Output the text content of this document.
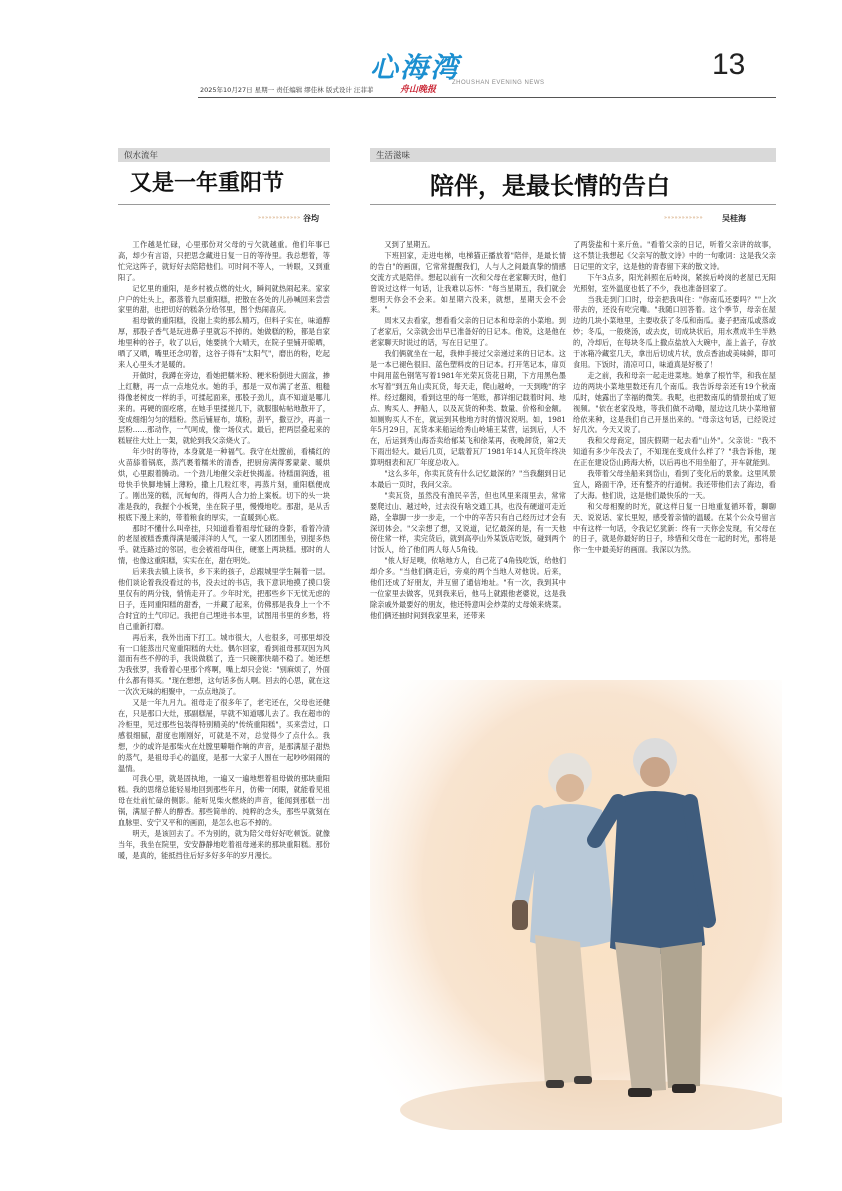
心海湾
ZHOUSHAN EVENING NEWS
13
2025年10月27日 星期一 责任编辑 缪佳林 版式设计 汪菲菲	舟山晚报
似水流年
又是一年重阳节
»»»»»»»»»»»» 谷均

工作越是忙碌，心里那份对父母的亏欠就越重。他们年事已高，却少有言语，只把思念藏进日复一日的等待里。我总想着，等忙完这阵子，就好好去陪陪他们。可时间不等人，一转眼，又到重阳了。

记忆里的重阳，是乡村被点燃的灶火，瞬间就热闹起来。家家户户的灶头上，都蒸着九层重阳糕，把散在各处的儿孙喊回来尝尝家里的甜，也把切好的糕条分给邻里，图个热闹喜庆。

祖母做的重阳糕，没谢上卖的那么精巧，但料子实在，味道醇厚，那股子香气是玩进鼻子里就忘不掉的。她做糕的粉，都是自家地里种的谷子，收了以后，她要挑个大晴天，在院子里铺开晾晒，晒了又晒，嘴里还念叨着，这谷子得有"太阳气"，磨出的粉，吃起来人心里头才是暖的。

开做时，我蹲在旁边，看她把糯米粉、粳米粉倒进大面盆，掺上红糖，再一点一点地兑水。她的手，那是一双布满了老茧、粗糙得像老树皮一样的手，可揉起面来，那股子劲儿，真不知道是哪儿来的。再硬的面疙瘩，在她手里揉搓几下，就服服帖帖地散开了，变成细细匀匀的糕粉。然后铺屉布，填粉，刮平，撒豆沙，再盖一层粉……那动作，一气呵成，像一场仪式。最后，把两层叠起来的糕屉往大灶上一架，就轮到我父亲烧火了。

年少时的等待，本身就是一种福气。我守在灶膛前，看橘红的火苗舔着锅底，蒸汽裹着糯米的清香，把厨房满得雾蒙蒙、暖烘烘，心里跟着腾动。一个劲儿地催父亲赶快揭盖。待糕面润透，祖母快手快脚地铺上薄粉，撒上几粒红枣，再蒸片刻，重阳糕便成了。刚出笼的糕，沉甸甸的，得两人合力抬上案板。切下的头一块准是我的，我握个小板凳，坐在院子里，慢慢地吃。那甜，是从舌根底下漫上来的，带着粮食的厚实，一直暖到心底。

那时不懂什么叫牵挂，只知道看着祖母忙碌的身影，看着冷清的老屋被糕香熏得满是暖洋洋的人气，一家人团团围坐，别提多热乎。就连路过的邻居，也会被祖母叫住，硬塞上两块糕。那时的人情，也像这重阳糕，实实在在，甜在明处。

后来我去镇上读书，乡下来的孩子，总跟城里学生隔着一层。他们谈论着我没看过的书，没去过的书店，我下意识地摸了摸口袋里仅有的两分钱，悄悄走开了。少年时光，把那些乡下无忧无虑的日子，连同重阳糕的甜香，一并藏了起来，仿佛那是我身上一个不合时宜的土气印记。我把自己埋进书本里，试图用书里的乡愁，将自己重新打磨。

再后来，我外出南下打工。城市很大，人也很多，可那里却没有一口能蒸出尺宽重阳糕的大灶。偶尔回家，看到祖母那双因为风湿而有些不停的手，我说做糕了，连一只碗都快端不稳了。她还想为我张罗，我看着心里那个疼啊，嘴上却只会说："别麻烦了，外面什么都有得买。"现在想想，这句话多伤人啊。回去的心思，就在这一次次无味的相聚中，一点点地淡了。

又是一年九月九。祖母走了很多年了，老宅还在，父母也还健在，只是那口大灶，那副糕屉，早就不知道哪儿去了。我在超市的冷柜里，见过那些包装得特别精美的"传统重阳糕"，买来尝过，口感很细腻，甜度也刚刚好，可就是不对，总觉得少了点什么。我想，少的或许是那柴火在灶膛里噼啪作响的声音，是那满屋子甜热的蒸气，是祖母手心的温度，是那一大家子人围在一起吵吵闹闹的温情。

可我心里，就是固执地，一遍又一遍地想着祖母做的那块重阳糕。我的思绪总能轻易地回到那些年月，仿佛一闭眼，就能看见祖母在灶前忙碌的侧影。能听见柴火燃烧的声音，能闻到那糕一出锅，满屋子醉人的醇香。那些简单的、纯粹的念头，那些早就刻在血脉里、安宁又平和的画面，是怎么也忘不掉的。

明天，是该回去了。不为别的，就为陪父母好好吃顿饭。就像当年，我坐在院里，安安静静地吃着祖母递来的那块重阳糕。那份暖，是真的，能抵挡住后好多好多年的岁月漫长。

生活滋味
陪伴，是最长情的告白
»»»»»»»»»»» 吴桂海

又到了星期五。

下班回家，走进电梯，电梯猫正播放着"陪伴，是最长情的告白"的画面，它常常提醒我们，人与人之间最真挚的情感交流方式是陪伴。想起以前有一次和父母在老家聊天时，他们曾说过这样一句话，让我难以忘怀："每当星期五，我们就会想明天你会不会来。如星期六没来，就想，星期天会不会来。"

周末又去看家，想看看父亲的日记本和母亲的小菜地。到了老家后，父亲就会出早已准备好的日记本。他说，这是他在老家聊天时说过的话，写在日记里了。

我们俩就坐在一起，我伸手接过父亲递过来的日记本。这是一本已褪色很旧、蓝色塑料皮的日记本。打开笔记本，扉页中间用蓝色钢笔写着1981年光荣瓦货花日期，下方用黑色墨水写着"到五角山卖瓦货，每天走，爬山越岭，一天到晚"的字样。经过翻阅，看到这里的每一笔账，都详细记载着时间、地点、购买人、押船人，以及瓦货的种类、数量、价格和金额。如厕购买人不在，就运到其他地方时的情况说明。如，1981年5月29日，瓦货本来船运给秀山岭埔王某营，运到后，人不在，后运到秀山海岙卖给郁某飞和徐某再，夜晚卸货，第2天下雨出轻大。最后几页，记载着瓦厂1981年14人瓦货年终决算明细表和瓦厂年度总收入。

"这么多年，你卖瓦货有什么记忆最深的？"当我翻到日记本最后一页时，我问父亲。

"卖瓦货，虽然没有渔民辛苦，但也风里来雨里去，常常要爬过山、越过岭，过去没有啥交通工具，也没有硬道可走近路，全靠脚一步一步走，一个中的辛苦只有自己经历过才会有深切体会。"父亲想了想，又说道，记忆最深的是，有一天他傍住常一样，卖完货后，就到高亭山外某饭店吃饭，碰到两个讨饭人，给了他们两人每人5角钱。

"侬人好足噢，依啥地方人，自己花了4角钱吃饭，给他们却介多。"当他们俩走后，旁桌的两个当地人对他说。后来，他们还成了好朋友，并互留了通信地址。"有一次，我到其中一位家里去做客，见到我来后，他马上就跟他老婆说，这是我除亲戚外最要好的朋友，他还特意叫会炒菜的丈母娘来烧菜。他们俩还抽时间到我家里来，还带来

了两袋盐和十来斤鱼。"看着父亲的日记，听着父亲讲的故事，这不禁让我想起《父亲写的散文诗》中的一句歌词：这是我父亲日记里的文字，这是他的青春留下来的散文诗。

下午3点多，阳光斜照在后岭岗，紧挨后岭岗的老屋已无阳光照射，室外温度也低了不少，我也准备回家了。

当我走到门口时，母亲把我叫住："你南瓜还要吗？""上次带去的，还没有吃完嘞。"我随口回答着。这个季节，母亲在屋边的几块小菜地里，主要收获了冬瓜和南瓜。妻子把南瓜或蒸或炒；冬瓜，一般烧汤，或去皮，切成块状后，用水煮成半生半熟的，冷却后，在每块冬瓜上撒点盐放入大碗中，盖上盖子，存放于冰箱冷藏室几天，拿出后切成片状，放点香油或美味鲜，即可食用。下饭时，清凉可口，味道真是好极了！

走之前，我和母亲一起走进菜地。她拿了根竹竿，和我在屋边的两块小菜地里数还有几个南瓜。我告诉母亲还有19个秋南瓜时，她露出了幸福的微笑。我呢，也把数南瓜的情景拍成了短视频。"依在老家没地，等我们做不动嘞，屋边这几块小菜地留给依来种，这是我们自己开垦出来的。"母亲这句话，已经说过好几次。今天又说了。

我和父母商定，国庆假期一起去看"山外"。父亲说："我不知道有多少年没去了，不知现在变成什么样了？"我告诉他，现在正在建设岱山跨海大桥，以后再也不用坐船了，开车就能到。

我带着父母坐船来到岱山，看到了变化后的景象。这里风景宜人，路面干净，还有整齐的行道树。我还带他们去了海边，看了大海。他们说，这是他们最快乐的一天。

和父母相聚的时光，就这样日复一日地重复循环着，聊聊天、说说话、家长里短，感受着亲情的温暖。在某个公众号留言中有这样一句话，令我记忆犹新：终有一天你会发现，有父母在的日子，就是你最好的日子，珍惜和父母在一起的时光，那将是你一生中最美好的画面。我深以为然。
